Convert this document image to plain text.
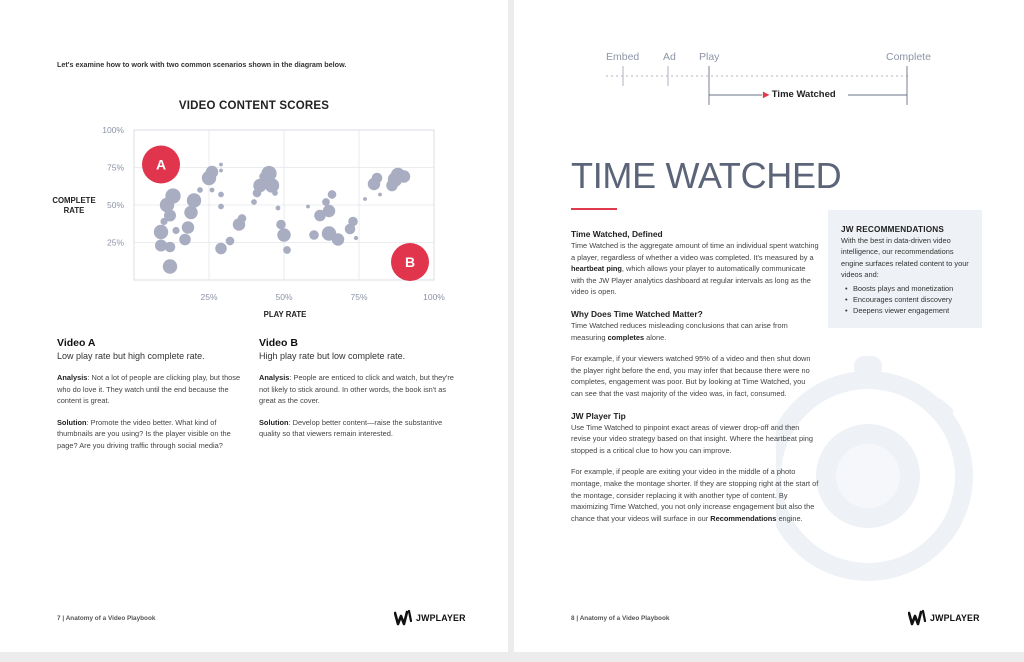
Let's examine how to work with two common scenarios shown in the diagram below.
VIDEO CONTENT SCORES
100%
75%
50%
25%
25%	50%	75%	100%
A
B
COMPLETE
RATE
PLAY RATE
Video A
Low play rate but high complete rate.

Analysis: Not a lot of people are clicking play, but those who do love it. They watch until the end because the content is great.

Solution: Promote the video better. What kind of thumbnails are you using? Is the player visible on the page? Are you driving traffic through social media?

Video B
High play rate but low complete rate.

Analysis: People are enticed to click and watch, but they're not likely to stick around. In other words, the book isn't as great as the cover.

Solution: Develop better content—raise the substantive quality so that viewers remain interested.

7 | Anatomy of a Video Playbook	JWPLAYER
Embed Ad Play	Complete
▶ Time Watched
TIME WATCHED
Time Watched, Defined

Time Watched is the aggregate amount of time an individual spent watching a player, regardless of whether a video was completed. It's measured by a heartbeat ping, which allows your player to automatically communicate with the JW Player analytics dashboard at regular intervals as long as the video is open.

Why Does Time Watched Matter?

Time Watched reduces misleading conclusions that can arise from measuring completes alone.

For example, if your viewers watched 95% of a video and then shut down the player right before the end, you may infer that because there were no completes, engagement was poor. But by looking at Time Watched, you can see that the vast majority of the video was, in fact, consumed.

JW Player Tip

Use Time Watched to pinpoint exact areas of viewer drop-off and then revise your video strategy based on that insight. Where the heartbeat ping stopped is a critical clue to how you can improve.

For example, if people are exiting your video in the middle of a photo montage, make the montage shorter. If they are stopping right at the start of the montage, consider replacing it with another type of content. By maximizing Time Watched, you not only increase engagement but also the chance that your videos will surface in our Recommendations engine.

JW RECOMMENDATIONS
With the best in data-driven video intelligence, our recommendations engine surfaces related content to your videos and:
• Boosts plays and monetization
• Encourages content discovery
• Deepens viewer engagement
8 | Anatomy of a Video Playbook	JWPLAYER
